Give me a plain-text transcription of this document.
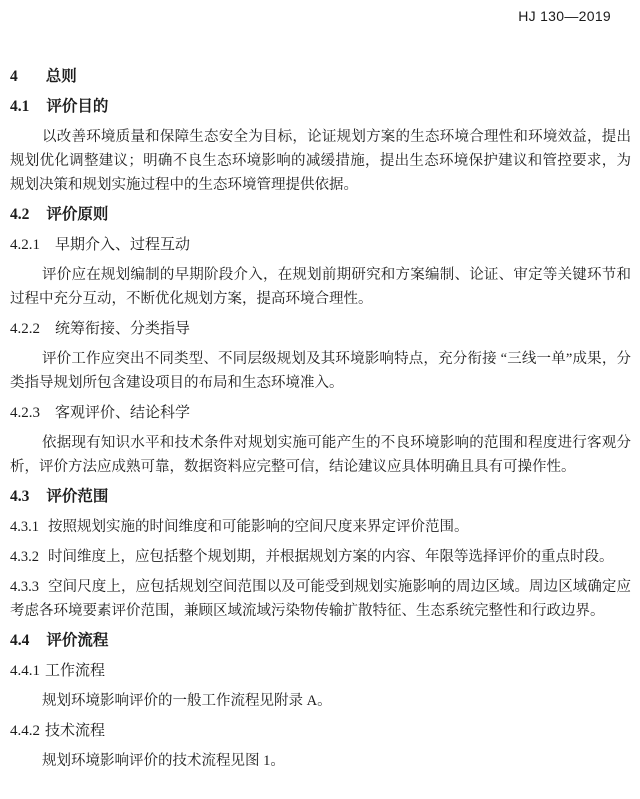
HJ 130—2019
4 总则
4.1 评价目的

以改善环境质量和保障生态安全为目标，论证规划方案的生态环境合理性和环境效益，提出规划优化调整建议；明确不良生态环境影响的减缓措施，提出生态环境保护建议和管控要求，为规划决策和规划实施过程中的生态环境管理提供依据。

4.2 评价原则
4.2.1 早期介入、过程互动

评价应在规划编制的早期阶段介入，在规划前期研究和方案编制、论证、审定等关键环节和过程中充分互动，不断优化规划方案，提高环境合理性。

4.2.2 统筹衔接、分类指导

评价工作应突出不同类型、不同层级规划及其环境影响特点，充分衔接 “三线一单”成果，分类指导规划所包含建设项目的布局和生态环境准入。

4.2.3 客观评价、结论科学

依据现有知识水平和技术条件对规划实施可能产生的不良环境影响的范围和程度进行客观分析，评价方法应成熟可靠，数据资料应完整可信，结论建议应具体明确且具有可操作性。

4.3 评价范围

4.3.1 按照规划实施的时间维度和可能影响的空间尺度来界定评价范围。

4.3.2 时间维度上，应包括整个规划期，并根据规划方案的内容、年限等选择评价的重点时段。

4.3.3 空间尺度上，应包括规划空间范围以及可能受到规划实施影响的周边区域。周边区域确定应考虑各环境要素评价范围，兼顾区域流域污染物传输扩散特征、生态系统完整性和行政边界。

4.4 评价流程
4.4.1 工作流程

规划环境影响评价的一般工作流程见附录 A。

4.4.2 技术流程

规划环境影响评价的技术流程见图 1。
